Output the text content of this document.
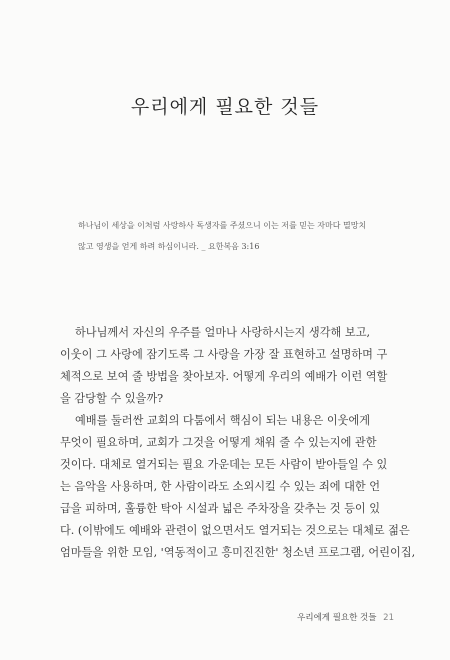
우리에게 필요한 것들
하나님이 세상을 이처럼 사랑하사 독생자를 주셨으니 이는 저를 믿는 자마다 멸망치
않고 영생을 얻게 하려 하심이니라. _ 요한복음 3:16

하나님께서 자신의 우주를 얼마나 사랑하시는지 생각해 보고,

이웃이 그 사랑에 잠기도록 그 사랑을 가장 잘 표현하고 설명하며 구

체적으로 보여 줄 방법을 찾아보자. 어떻게 우리의 예배가 이런 역할

을 감당할 수 있을까?

예배를 둘러싼 교회의 다툼에서 핵심이 되는 내용은 이웃에게

무엇이 필요하며, 교회가 그것을 어떻게 채워 줄 수 있는지에 관한

것이다. 대체로 열거되는 필요 가운데는 모든 사람이 받아들일 수 있

는 음악을 사용하며, 한 사람이라도 소외시킬 수 있는 죄에 대한 언

급을 피하며, 훌륭한 탁아 시설과 넓은 주차장을 갖추는 것 등이 있

다. (이밖에도 예배와 관련이 없으면서도 열거되는 것으로는 대체로 젊은

엄마들을 위한 모임, '역동적이고 흥미진진한' 청소년 프로그램, 어린이집,

우리에게 필요한 것들 21
